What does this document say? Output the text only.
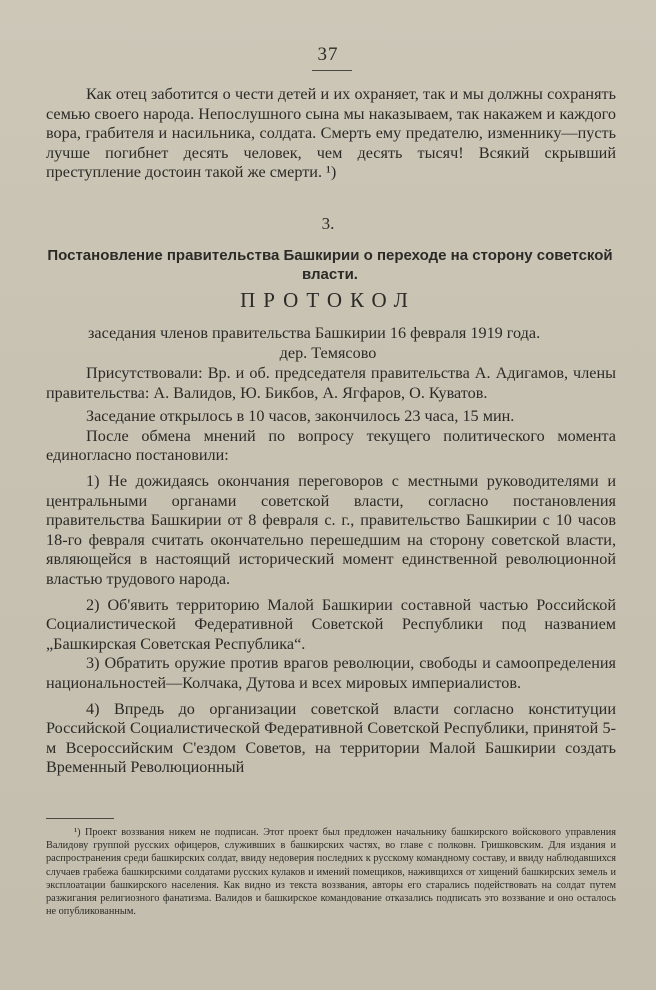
37

Как отец заботится о чести детей и их охраняет, так и мы должны сохранять семью своего народа. Непослушного сына мы наказываем, так накажем и каждого вора, грабителя и насильника, солдата. Смерть ему предателю, изменнику—пусть лучше погибнет десять человек, чем десять тысяч! Всякий скрывший преступление достоин такой же смерти. ¹)

3.
Постановление правительства Башкирии о переходе на сторону советской власти.
ПРОТОКОЛ
заседания членов правительства Башкирии 16 февраля 1919 года.
дер. Темясово

Присутствовали: Вр. и об. председателя правительства А. Адигамов, члены правительства: А. Валидов, Ю. Бикбов, А. Ягфаров, О. Куватов.

Заседание открылось в 10 часов, закончилось 23 часа, 15 мин.

После обмена мнений по вопросу текущего политического момента единогласно постановили:

1) Не дожидаясь окончания переговоров с местными руководителями и центральными органами советской власти, согласно постановления правительства Башкирии от 8 февраля с. г., правительство Башкирии с 10 часов 18-го февраля считать окончательно перешедшим на сторону советской власти, являющейся в настоящий исторический момент единственной революционной властью трудового народа.

2) Об'явить территорию Малой Башкирии составной частью Российской Социалистической Федеративной Советской Республики под названием „Башкирская Советская Республика“.

3) Обратить оружие против врагов революции, свободы и самоопределения национальностей—Колчака, Дутова и всех мировых империалистов.

4) Впредь до организации советской власти согласно конституции Российской Социалистической Федеративной Советской Республики, принятой 5-м Всероссийским С'ездом Советов, на территории Малой Башкирии создать Временный Революционный

¹) Проект воззвания никем не подписан. Этот проект был предложен начальнику башкирского войскового управления Валидову группой русских офицеров, служивших в башкирских частях, во главе с полковн. Гришковским. Для издания и распространения среди башкирских солдат, ввиду недоверия последних к русскому командному составу, и ввиду наблюдавшихся случаев грабежа башкирскими солдатами русских кулаков и имений помещиков, наживщихся от хищений башкирских земель и эксплоатации башкирского населения. Как видно из текста воззвания, авторы его старались подействовать на солдат путем разжигания религиозного фанатизма. Валидов и башкирское командование отказались подписать это воззвание и оно осталось не опубликованным.
